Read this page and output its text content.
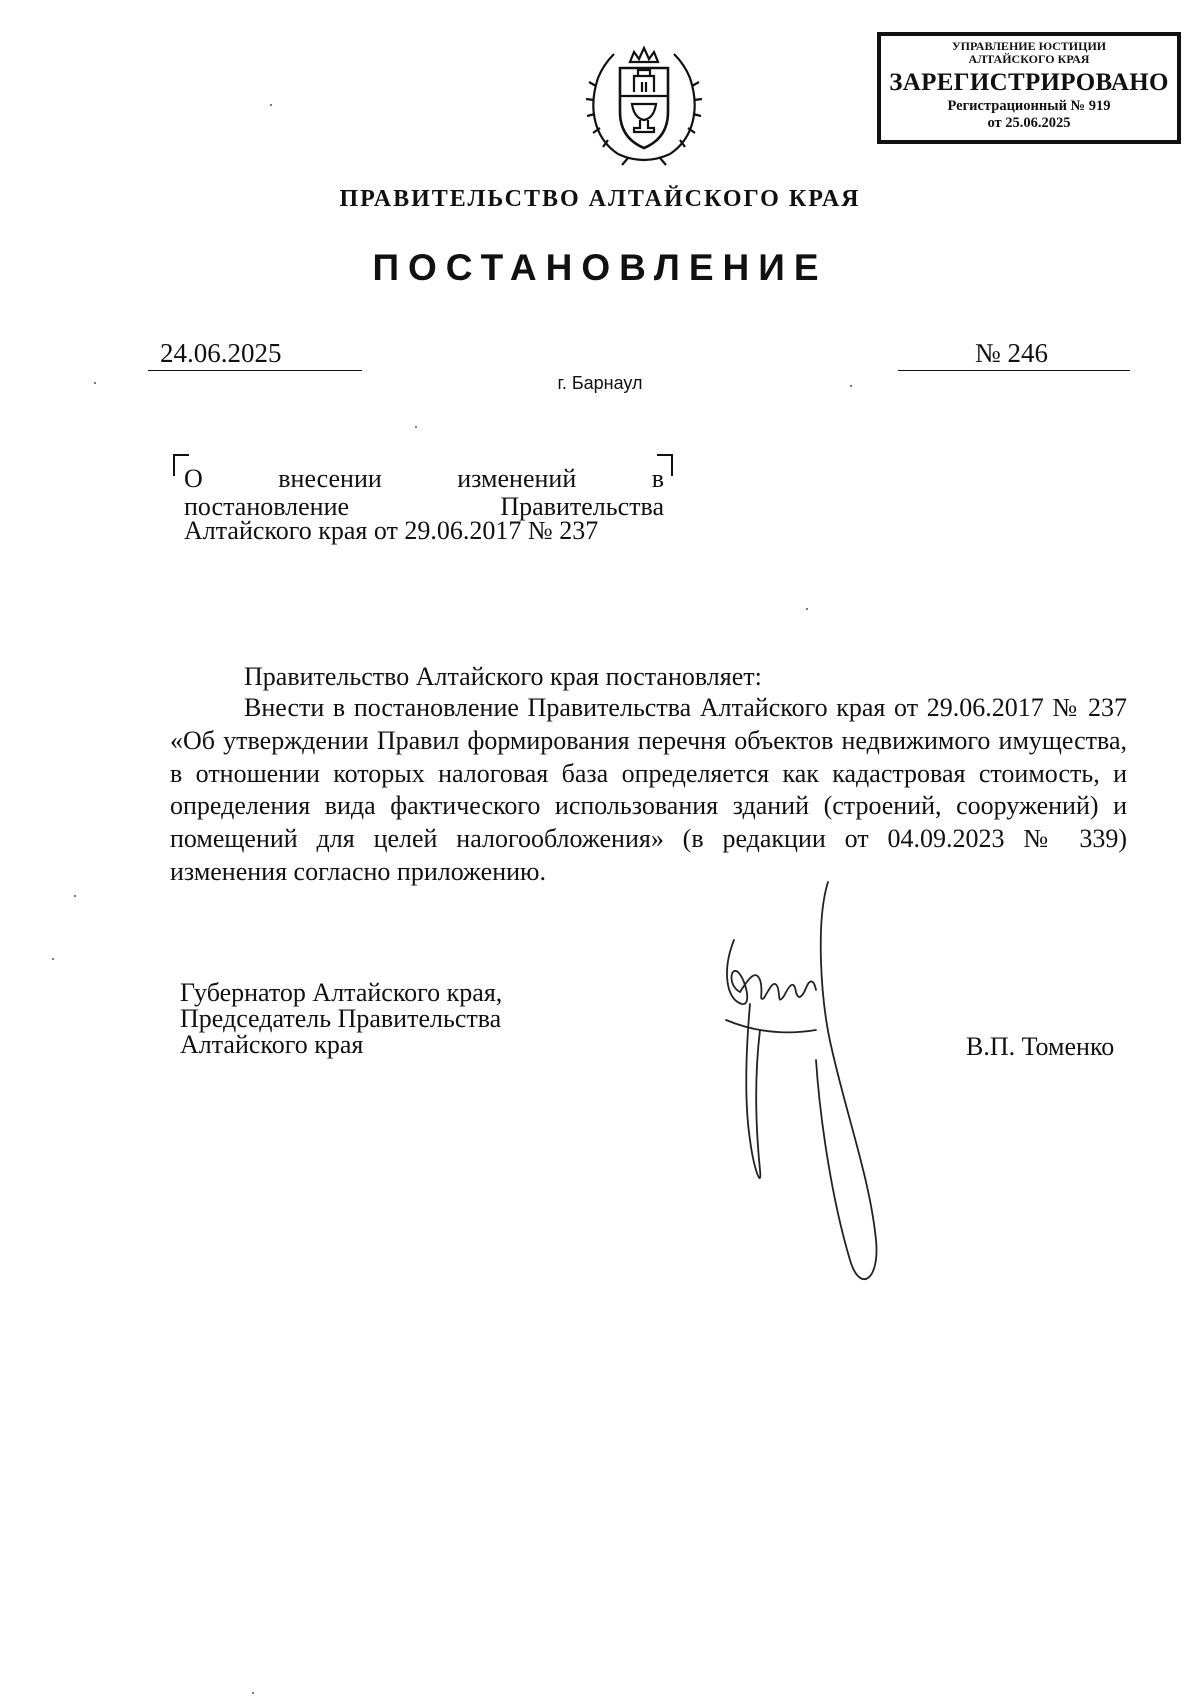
УПРАВЛЕНИЕ ЮСТИЦИИ
АЛТАЙСКОГО КРАЯ
ЗАРЕГИСТРИРОВАНО
Регистрационный № 919
от 25.06.2025
ПРАВИТЕЛЬСТВО АЛТАЙСКОГО КРАЯ
ПОСТАНОВЛЕНИЕ
24.06.2025	№ 246
г. Барнаул
О внесении изменений в
постановление Правительства
Алтайского края от 29.06.2017 № 237
Правительство Алтайского края постановляет:

Внести в постановление Правительства Алтайского края от 29.06.2017 № 237 «Об утверждении Правил формирования перечня объектов недвижимого имущества, в отношении которых налоговая база определяется как кадастровая стоимость, и определения вида фактического использования зданий (строений, сооружений) и помещений для целей налогообложения» (в редакции от 04.09.2023 № 339) изменения согласно приложению.

Губернатор Алтайского края,
Председатель Правительства
Алтайского края	В.П. Томенко
